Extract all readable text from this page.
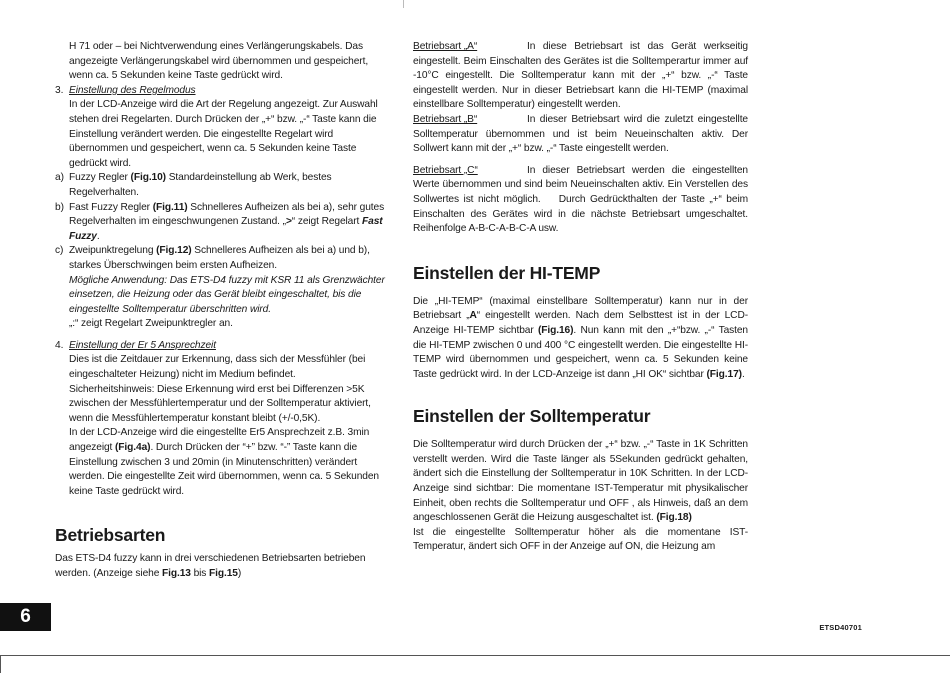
H 71 oder – bei Nichtverwendung eines Verlängerungskabels. Das angezeigte Verlängerungskabel wird übernommen und gespeichert, wenn ca. 5 Sekunden keine Taste gedrückt wird.

3. Einstellung des Regelmodus

In der LCD-Anzeige wird die Art der Regelung angezeigt. Zur Auswahl stehen drei Regelarten. Durch Drücken der „+“ bzw. „-“ Taste kann die Einstellung verändert werden. Die eingestellte Regelart wird übernommen und gespeichert, wenn ca. 5 Sekunden keine Taste gedrückt wird.

a) Fuzzy Regler (Fig.10) Standardeinstellung ab Werk, bestes Regelverhalten.

b) Fast Fuzzy Regler (Fig.11) Schnelleres Aufheizen als bei a), sehr gutes Regelverhalten im eingeschwungenen Zustand. „>“ zeigt Regelart Fast Fuzzy.

c) Zweipunktregelung (Fig.12) Schnelleres Aufheizen als bei a) und b), starkes Überschwingen beim ersten Aufheizen.

Mögliche Anwendung: Das ETS-D4 fuzzy mit KSR 11 als Grenzwächter einsetzen, die Heizung oder das Gerät bleibt eingeschaltet, bis die eingestellte Solltemperatur überschritten wird.

„:“ zeigt Regelart Zweipunktregler an.

4. Einstellung der Er 5 Ansprechzeit

Dies ist die Zeitdauer zur Erkennung, dass sich der Messfühler (bei eingeschalteter Heizung) nicht im Medium befindet.

Sicherheitshinweis: Diese Erkennung wird erst bei Differenzen >5K zwischen der Messfühlertemperatur und der Solltemperatur aktiviert, wenn die Messfühlertemperatur konstant bleibt (+/-0,5K).

In der LCD-Anzeige wird die eingestellte Er5 Ansprechzeit z.B. 3min angezeigt (Fig.4a). Durch Drücken der “+” bzw. “-” Taste kann die Einstellung zwischen 3 und 20min (in Minutenschritten) verändert werden. Die eingestellte Zeit wird übernommen, wenn ca. 5 Sekunden keine Taste gedrückt wird.

Betriebsarten

Das ETS-D4 fuzzy kann in drei verschiedenen Betriebsarten betrieben werden. (Anzeige siehe Fig.13 bis Fig.15)

Betriebsart „A“	In diese Betriebsart ist das Gerät werkseitig eingestellt. Beim Einschalten des Gerätes ist die Solltemperartur immer auf -10°C eingestellt. Die Solltemperatur kann mit der „+“ bzw. „-“ Taste eingestellt werden. Nur in dieser Betriebsart kann die HI-TEMP (maximal einstellbare Solltemperatur) eingestellt werden.

Betriebsart „B“	In dieser Betriebsart wird die zuletzt eingestellte Solltemperatur übernommen und ist beim Neueinschalten aktiv. Der Sollwert kann mit der „+“ bzw. „-“ Taste eingestellt werden.

Betriebsart „C“	In dieser Betriebsart werden die eingestellten Werte übernommen und sind beim Neueinschalten aktiv. Ein Verstellen des Sollwertes ist nicht möglich.    Durch Gedrückthalten der Taste „+“ beim Einschalten des Gerätes wird in die nächste Betriebsart umgeschaltet. Reihenfolge A-B-C-A-B-C-A usw.

Einstellen der HI-TEMP

Die „HI-TEMP“ (maximal einstellbare Solltemperatur) kann nur in der Betriebsart „A“ eingestellt werden. Nach dem Selbsttest ist in der LCD-Anzeige HI-TEMP sichtbar (Fig.16). Nun kann mit den „+“bzw. „-“ Tasten die HI-TEMP zwischen 0 und 400 °C eingestellt werden. Die eingestellte HI-TEMP wird übernommen und gespeichert, wenn ca. 5 Sekunden keine Taste gedrückt wird. In der LCD-Anzeige ist dann „HI OK“ sichtbar (Fig.17).

Einstellen der Solltemperatur

Die Solltemperatur wird durch Drücken der „+“ bzw. „-“ Taste in 1K Schritten verstellt werden. Wird die Taste länger als 5Sekunden gedrückt gehalten, ändert sich die Einstellung der Solltemperatur in 10K Schritten. In der LCD-Anzeige sind sichtbar: Die momentane IST-Temperatur mit physikalischer Einheit, oben rechts die Solltemperatur und OFF , als Hinweis, daß an dem angeschlossenen Gerät die Heizung ausgeschaltet ist. (Fig.18)

Ist die eingestellte Solltemperatur höher als die momentane IST-Temperatur, ändert sich OFF in der Anzeige auf ON, die Heizung am

6
ETSD40701
